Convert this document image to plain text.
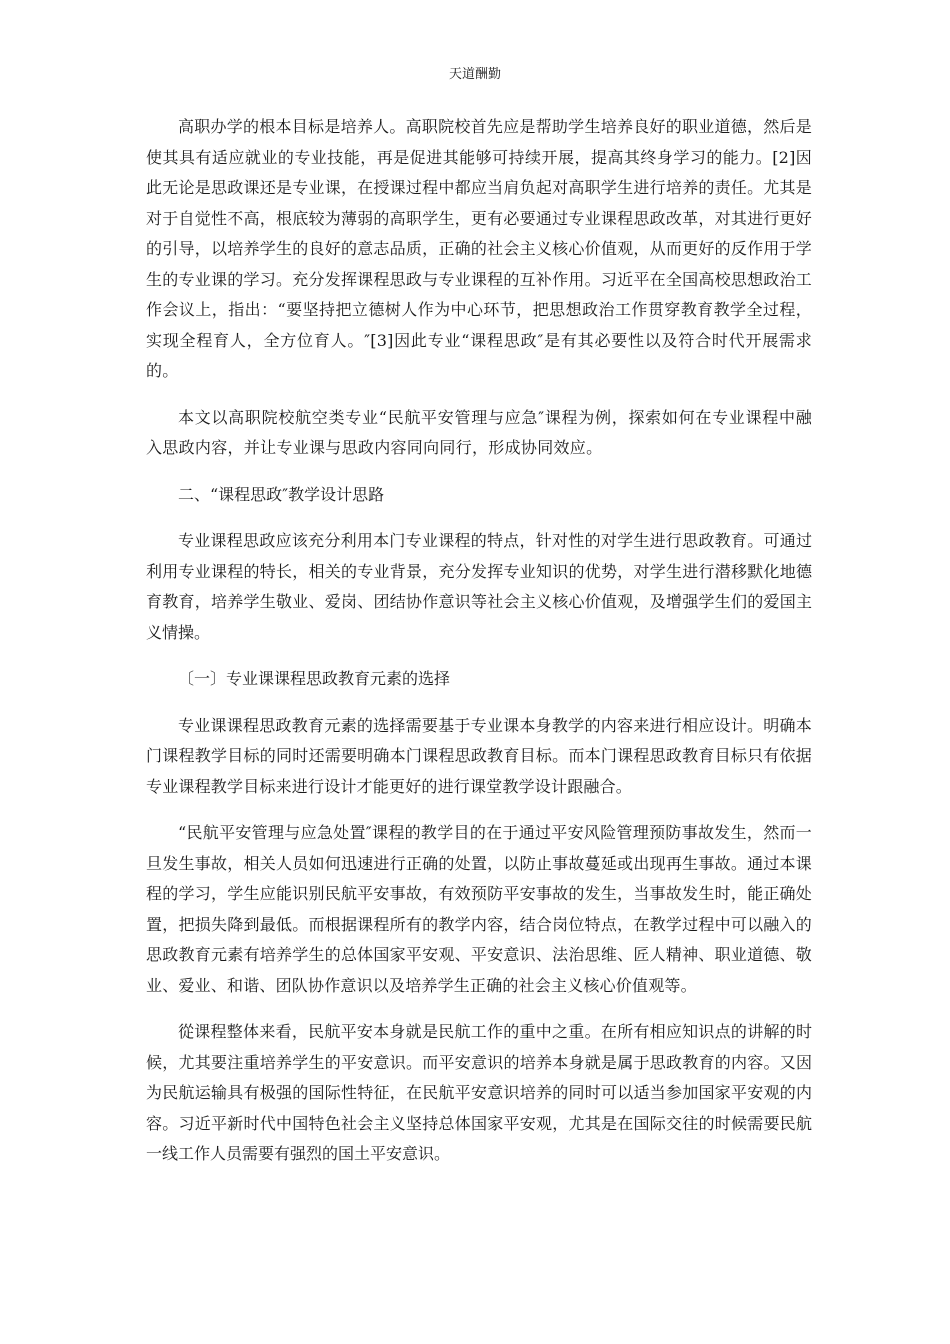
天道酬勤

高职办学的根本目标是培养人。高职院校首先应是帮助学生培养良好的职业道德，然后是使其具有适应就业的专业技能，再是促进其能够可持续开展，提高其终身学习的能力。[2]因此无论是思政课还是专业课，在授课过程中都应当肩负起对高职学生进行培养的责任。尤其是对于自觉性不高，根底较为薄弱的高职学生，更有必要通过专业课程思政改革，对其进行更好的引导，以培养学生的良好的意志品质，正确的社会主义核心价值观，从而更好的反作用于学生的专业课的学习。充分发挥课程思政与专业课程的互补作用。习近平在全国高校思想政治工作会议上，指出：“要坚持把立德树人作为中心环节，把思想政治工作贯穿教育教学全过程，实现全程育人，全方位育人。″[3]因此专业“课程思政″是有其必要性以及符合时代开展需求的。

本文以高职院校航空类专业“民航平安管理与应急″课程为例，探索如何在专业课程中融入思政内容，并让专业课与思政内容同向同行，形成协同效应。

二、“课程思政″教学设计思路

专业课程思政应该充分利用本门专业课程的特点，针对性的对学生进行思政教育。可通过利用专业课程的特长，相关的专业背景，充分发挥专业知识的优势，对学生进行潜移默化地德育教育，培养学生敬业、爱岗、团结协作意识等社会主义核心价值观，及增强学生们的爱国主义情操。

〔一〕专业课课程思政教育元素的选择

专业课课程思政教育元素的选择需要基于专业课本身教学的内容来进行相应设计。明确本门课程教学目标的同时还需要明确本门课程思政教育目标。而本门课程思政教育目标只有依据专业课程教学目标来进行设计才能更好的进行课堂教学设计跟融合。

“民航平安管理与应急处置″课程的教学目的在于通过平安风险管理预防事故发生，然而一旦发生事故，相关人员如何迅速进行正确的处置，以防止事故蔓延或出现再生事故。通过本课程的学习，学生应能识别民航平安事故，有效预防平安事故的发生，当事故发生时，能正确处置，把损失降到最低。而根据课程所有的教学内容，结合岗位特点，在教学过程中可以融入的思政教育元素有培养学生的总体国家平安观、平安意识、法治思维、匠人精神、职业道德、敬业、爱业、和谐、团队协作意识以及培养学生正确的社会主义核心价值观等。

從课程整体来看，民航平安本身就是民航工作的重中之重。在所有相应知识点的讲解的时候，尤其要注重培养学生的平安意识。而平安意识的培养本身就是属于思政教育的内容。又因为民航运输具有极强的国际性特征，在民航平安意识培养的同时可以适当参加国家平安观的内容。习近平新时代中国特色社会主义坚持总体国家平安观，尤其是在国际交往的时候需要民航一线工作人员需要有强烈的国土平安意识。
